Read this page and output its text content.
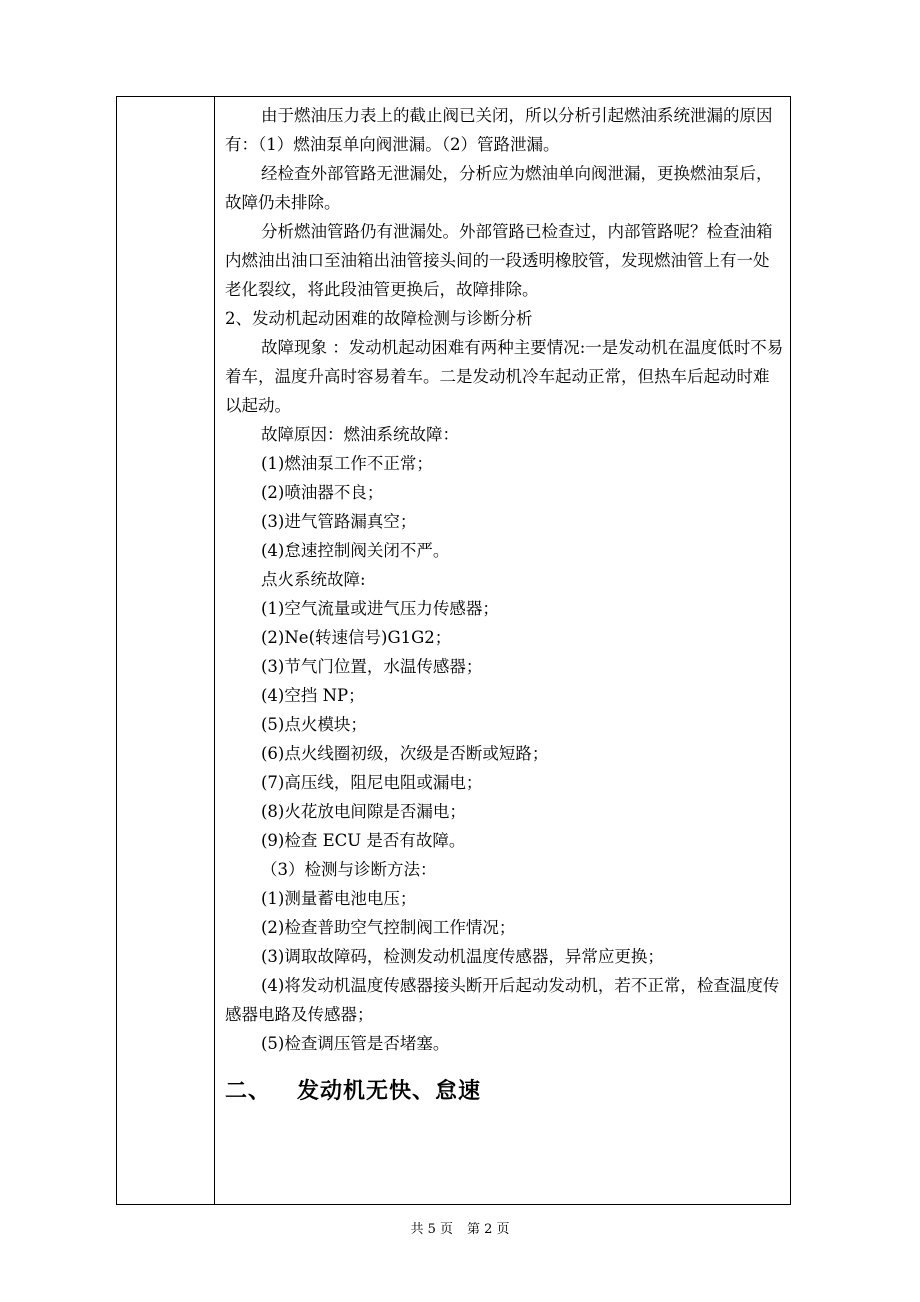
由于燃油压力表上的截止阀已关闭，所以分析引起燃油系统泄漏的原因有：（1）燃油泵单向阀泄漏。（2）管路泄漏。

经检查外部管路无泄漏处，分析应为燃油单向阀泄漏，更换燃油泵后，故障仍未排除。

分析燃油管路仍有泄漏处。外部管路已检查过，内部管路呢？检查油箱内燃油出油口至油箱出油管接头间的一段透明橡胶管，发现燃油管上有一处老化裂纹，将此段油管更换后，故障排除。

2、发动机起动困难的故障检测与诊断分析

故障现象 ：发动机起动困难有两种主要情况:一是发动机在温度低时不易着车，温度升高时容易着车。二是发动机冷车起动正常，但热车后起动时难以起动。

故障原因：燃油系统故障：

(1)燃油泵工作不正常；

(2)喷油器不良；

(3)进气管路漏真空；

(4)怠速控制阀关闭不严。

点火系统故障:

(1)空气流量或进气压力传感器；

(2)Ne(转速信号)G1G2；

(3)节气门位置，水温传感器；

(4)空挡 NP；

(5)点火模块；

(6)点火线圈初级，次级是否断或短路；

(7)高压线，阻尼电阻或漏电；

(8)火花放电间隙是否漏电；

(9)检查 ECU 是否有故障。

（3）检测与诊断方法：

(1)测量蓄电池电压；

(2)检查普助空气控制阀工作情况；

(3)调取故障码，检测发动机温度传感器，异常应更换；

(4)将发动机温度传感器接头断开后起动发动机，若不正常，检查温度传感器电路及传感器；

(5)检查调压管是否堵塞。

二、 发动机无快、怠速
共 5 页 第 2 页
